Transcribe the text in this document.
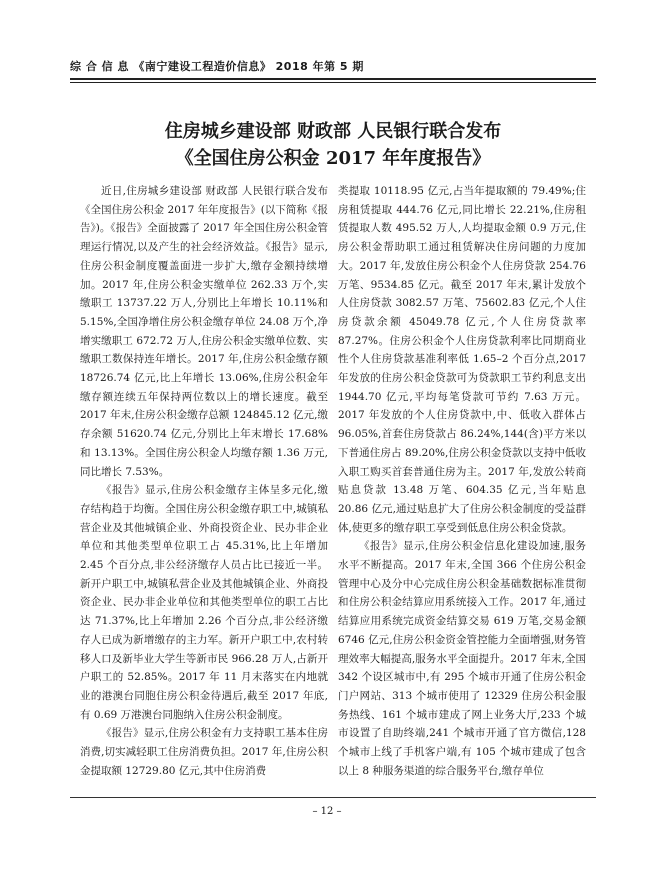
综 合 信 息 《南宁建设工程造价信息》 2018 年第 5 期
住房城乡建设部 财政部 人民银行联合发布
《全国住房公积金 2017 年年度报告》

近日,住房城乡建设部 财政部 人民银行联合发布《全国住房公积金 2017 年年度报告》(以下简称《报告》)。《报告》全面披露了 2017 年全国住房公积金管理运行情况,以及产生的社会经济效益。《报告》显示,住房公积金制度覆盖面进一步扩大,缴存金额持续增加。2017 年,住房公积金实缴单位 262.33 万个,实缴职工 13737.22 万人,分别比上年增长 10.11%和 5.15%,全国净增住房公积金缴存单位 24.08 万个,净增实缴职工 672.72 万人,住房公积金实缴单位数、实缴职工数保持连年增长。2017 年,住房公积金缴存额 18726.74 亿元,比上年增长 13.06%,住房公积金年缴存额连续五年保持两位数以上的增长速度。截至 2017 年末,住房公积金缴存总额 124845.12 亿元,缴存余额 51620.74 亿元,分别比上年末增长 17.68%和 13.13%。全国住房公积金人均缴存额 1.36 万元,同比增长 7.53%。

《报告》显示,住房公积金缴存主体呈多元化,缴存结构趋于均衡。全国住房公积金缴存职工中,城镇私营企业及其他城镇企业、外商投资企业、民办非企业单位和其他类型单位职工占 45.31%,比上年增加 2.45 个百分点,非公经济缴存人员占比已接近一半。新开户职工中,城镇私营企业及其他城镇企业、外商投资企业、民办非企业单位和其他类型单位的职工占比达 71.37%,比上年增加 2.26 个百分点,非公经济缴存人已成为新增缴存的主力军。新开户职工中,农村转移人口及新毕业大学生等新市民 966.28 万人,占新开户职工的 52.85%。2017 年 11 月末落实在内地就业的港澳台同胞住房公积金待遇后,截至 2017 年底,有 0.69 万港澳台同胞纳入住房公积金制度。

《报告》显示,住房公积金有力支持职工基本住房消费,切实减轻职工住房消费负担。2017 年,住房公积金提取额 12729.80 亿元,其中住房消费

类提取 10118.95 亿元,占当年提取额的 79.49%;住房租赁提取 444.76 亿元,同比增长 22.21%,住房租赁提取人数 495.52 万人,人均提取金额 0.9 万元,住房公积金帮助职工通过租赁解决住房问题的力度加大。2017 年,发放住房公积金个人住房贷款 254.76 万笔、9534.85 亿元。截至 2017 年末,累计发放个人住房贷款 3082.57 万笔、75602.83 亿元,个人住房贷款余额 45049.78 亿元,个人住房贷款率 87.27%。住房公积金个人住房贷款利率比同期商业性个人住房贷款基准利率低 1.65–2 个百分点,2017 年发放的住房公积金贷款可为贷款职工节约利息支出 1944.70 亿元,平均每笔贷款可节约 7.63 万元。2017 年发放的个人住房贷款中,中、低收入群体占 96.05%,首套住房贷款占 86.24%,144(含)平方米以下普通住房占 89.20%,住房公积金贷款以支持中低收入职工购买首套普通住房为主。2017 年,发放公转商贴息贷款 13.48 万笔、604.35 亿元,当年贴息 20.86 亿元,通过贴息扩大了住房公积金制度的受益群体,使更多的缴存职工享受到低息住房公积金贷款。

《报告》显示,住房公积金信息化建设加速,服务水平不断提高。2017 年末,全国 366 个住房公积金管理中心及分中心完成住房公积金基础数据标准贯彻和住房公积金结算应用系统接入工作。2017 年,通过结算应用系统完成资金结算交易 619 万笔,交易金额 6746 亿元,住房公积金资金管控能力全面增强,财务管理效率大幅提高,服务水平全面提升。2017 年末,全国 342 个设区城市中,有 295 个城市开通了住房公积金门户网站、313 个城市使用了 12329 住房公积金服务热线、161 个城市建成了网上业务大厅,233 个城市设置了自助终端,241 个城市开通了官方微信,128 个城市上线了手机客户端,有 105 个城市建成了包含以上 8 种服务渠道的综合服务平台,缴存单位

– 12 –
